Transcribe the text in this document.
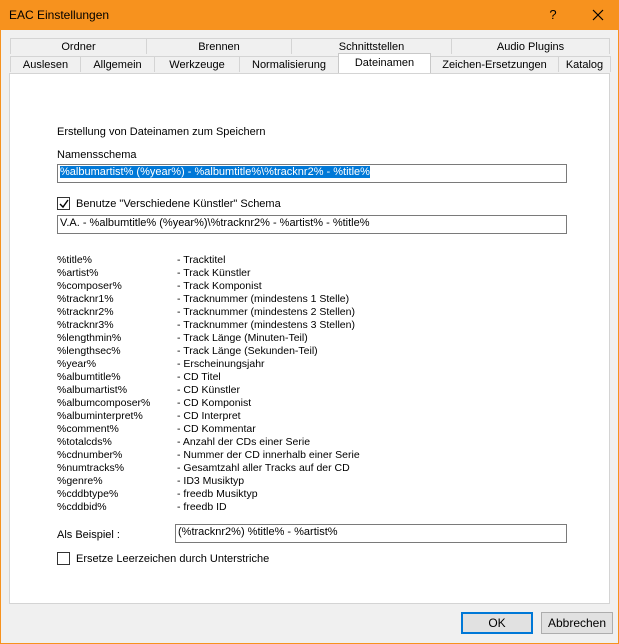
EAC Einstellungen	?
Ordner	Brennen	Schnittstellen	Audio Plugins
Auslesen	Allgemein	Werkzeuge	Normalisierung	Dateinamen	Zeichen-Ersetzungen	Katalog
Erstellung von Dateinamen zum Speichern
Namensschema
%albumartist% (%year%) - %albumtitle%\%tracknr2% - %title%
Benutze "Verschiedene Künstler" Schema
V.A. - %albumtitle% (%year%)\%tracknr2% - %artist% - %title%
%title%	- Tracktitel
%artist%	- Track Künstler
%composer%	- Track Komponist
%tracknr1%	- Tracknummer (mindestens 1 Stelle)
%tracknr2%	- Tracknummer (mindestens 2 Stellen)
%tracknr3%	- Tracknummer (mindestens 3 Stellen)
%lengthmin%	- Track Länge (Minuten-Teil)
%lengthsec%	- Track Länge (Sekunden-Teil)
%year%	- Erscheinungsjahr
%albumtitle%	- CD Titel
%albumartist%	- CD Künstler
%albumcomposer%	- CD Komponist
%albuminterpret%	- CD Interpret
%comment%	- CD Kommentar
%totalcds%	- Anzahl der CDs einer Serie
%cdnumber%	- Nummer der CD innerhalb einer Serie
%numtracks%	- Gesamtzahl aller Tracks auf der CD
%genre%	- ID3 Musiktyp
%cddbtype%	- freedb Musiktyp
%cddbid%	- freedb ID
Als Beispiel :	(%tracknr2%) %title% - %artist%
Ersetze Leerzeichen durch Unterstriche
OK	Abbrechen
